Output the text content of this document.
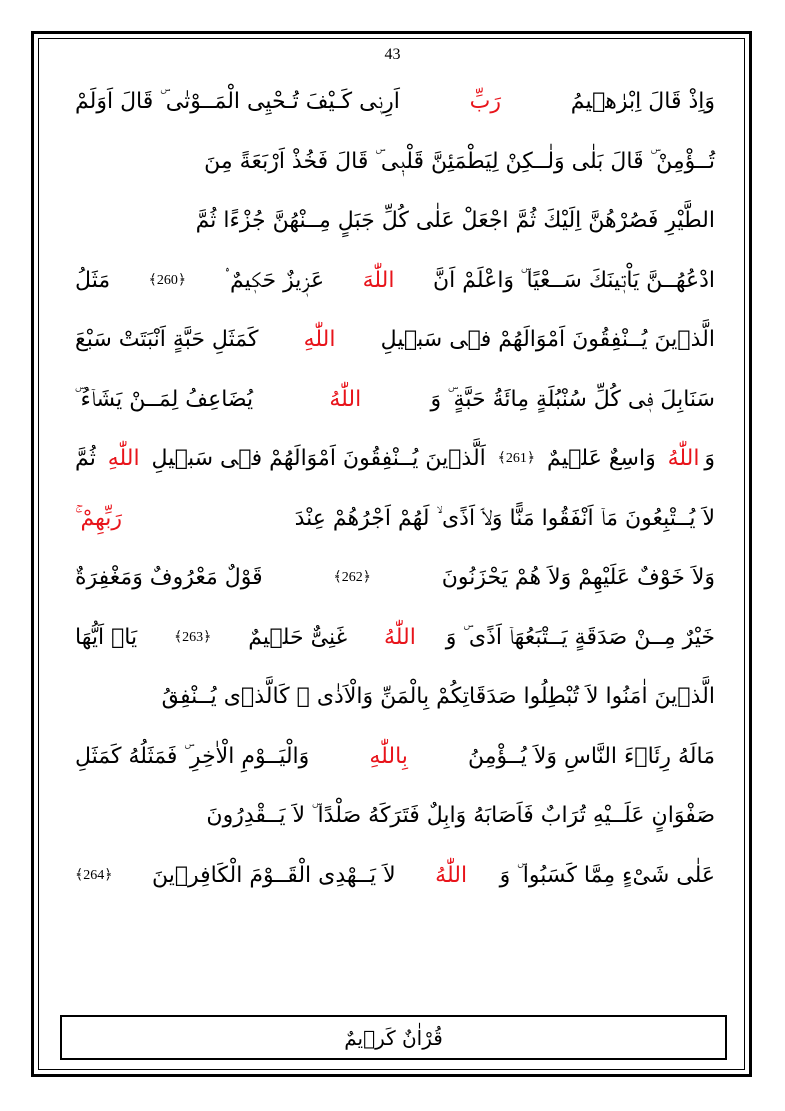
43
وَاِذْ قَالَ اِبْرٰهٖيمُ
رَبِّ
اَرِنٖى كَـيْفَ تُـحْيِى الْمَــوْتٰى ۜ قَالَ اَوَلَمْ
تُــؤْمِنْ ۜ قَالَ بَلٰى وَلٰــكِنْ لِيَطْمَئِنَّ قَلْبٖى ۜ قَالَ فَخُذْ اَرْبَعَةً مِنَ
الطَّيْرِ فَصُرْهُنَّ اِلَيْكَ ثُمَّ اجْعَلْ عَلٰى كُلِّ جَبَلٍ مِــنْهُنَّ جُزْءًا ثُمَّ
ادْعُهُــنَّ يَاْتٖينَكَ سَــعْيًا ۜ وَاعْلَمْ اَنَّ
اللّٰهَ
عَزٖيزٌ حَكٖيمٌ ۟
﴿260﴾
مَثَلُ
الَّذٖينَ يُــنْفِقُونَ اَمْوَالَهُمْ فٖى سَبٖيلِ
اللّٰهِ
كَمَثَلِ حَبَّةٍ اَنْبَتَتْ سَبْعَ
سَنَابِلَ فٖى كُلِّ سُنْبُلَةٍ مِائَةُ حَبَّةٍ ۜ وَ
اللّٰهُ
يُضَاعِفُ لِمَــنْ يَشَاۤءُ ۜ
وَ
اللّٰهُ
وَاسِعٌ عَلٖيمٌ
﴿261﴾
اَلَّذٖينَ يُــنْفِقُونَ اَمْوَالَهُمْ فٖى سَبٖيلِ
اللّٰهِ
ثُمَّ
لاَ يُــتْبِعُونَ مَاۤ اَنْفَقُوا مَنًّا وَلاَۤ اَذًى ۙ لَهُمْ اَجْرُهُمْ عِنْدَ
رَبِّهِمْ ۚ
وَلاَ خَوْفٌ عَلَيْهِمْ وَلاَ هُمْ يَحْزَنُونَ
﴿262﴾
قَوْلٌ مَعْرُوفٌ وَمَغْفِرَةٌ
خَيْرٌ مِــنْ صَدَقَةٍ يَــتْبَعُهَاۤ اَذًى ۜ وَ
اللّٰهُ
غَنِىٌّ حَلٖيمٌ
﴿263﴾
يَاۤ اَيُّهَا
الَّذٖينَ اٰمَنُوا لاَ تُبْطِلُوا صَدَقَاتِكُمْ بِالْمَنِّ وَالْاَذٰى ۙ كَالَّذٖى يُــنْفِقُ
مَالَهُ رِئَاۤءَ النَّاسِ وَلاَ يُــؤْمِنُ
بِاللّٰهِ
وَالْيَــوْمِ الْاٰخِرِ ۜ فَمَثَلُهُ كَمَثَلِ
صَفْوَانٍ عَلَــيْهِ تُرَابٌ فَاَصَابَهُ وَابِلٌ فَتَرَكَهُ صَلْدًا ۜ لاَ يَــقْدِرُونَ
عَلٰى شَىْءٍ مِمَّا كَسَبُوا ۜ وَ
اللّٰهُ
لاَ يَــهْدِى الْقَــوْمَ الْكَافِرٖينَ
﴿264﴾
قُرْاٰنٌ كَرٖيمٌ
